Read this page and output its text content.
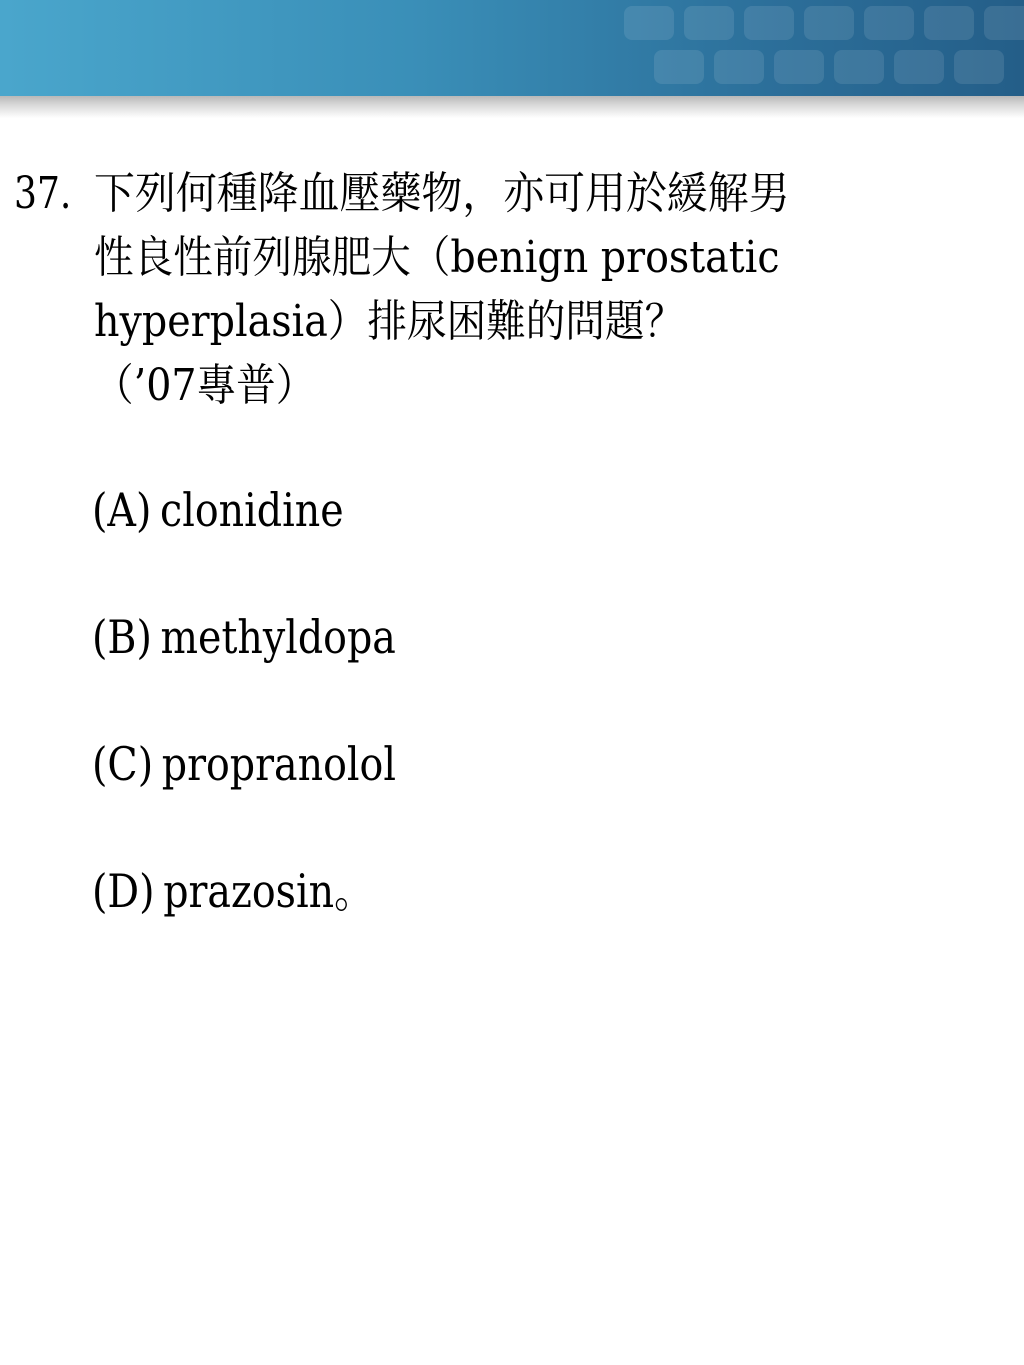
37. 下列何種降血壓藥物，亦可用於緩解男
性良性前列腺肥大（benign prostatic
hyperplasia）排尿困難的問題？
（’07專普）
(A) clonidine
(B) methyldopa
(C) propranolol
(D) prazosin。
